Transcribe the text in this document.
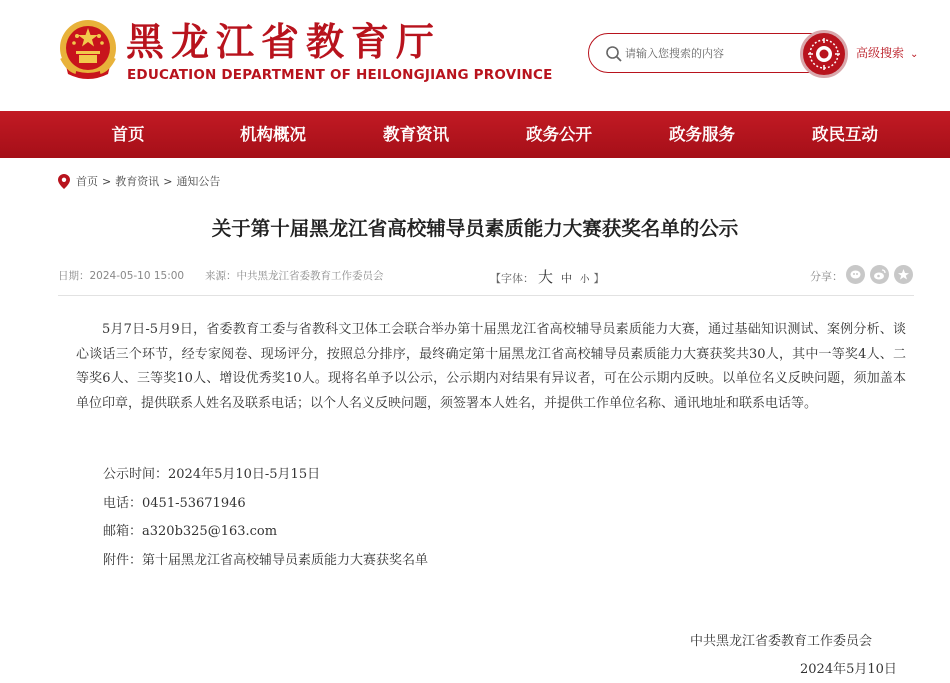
黑龙江省教育厅
EDUCATION DEPARTMENT OF HEILONGJIANG PROVINCE
请输入您搜索的内容
高级搜索 ⌄
首页	机构概况	教育资讯	政务公开	政务服务	政民互动
首页 > 教育资讯 > 通知公告
关于第十届黑龙江省高校辅导员素质能力大赛获奖名单的公示
日期：2024-05-10 15:00 来源：中共黑龙江省委教育工作委员会	【字体： 大 中 小 】	分享：
5月7日-5月9日，省委教育工委与省教科文卫体工会联合举办第十届黑龙江省高校辅导员素质能力大赛，通过基础知识测试、案例分析、谈心谈话三个环节，经专家阅卷、现场评分，按照总分排序，最终确定第十届黑龙江省高校辅导员素质能力大赛获奖共30人，其中一等奖4人、二等奖6人、三等奖10人、增设优秀奖10人。现将名单予以公示，公示期内对结果有异议者，可在公示期内反映。以单位名义反映问题，须加盖本单位印章，提供联系人姓名及联系电话；以个人名义反映问题，须签署本人姓名，并提供工作单位名称、通讯地址和联系电话等。
公示时间：2024年5月10日-5月15日
电话：0451-53671946
邮箱：a320b325@163.com
附件：第十届黑龙江省高校辅导员素质能力大赛获奖名单
中共黑龙江省委教育工作委员会
2024年5月10日
